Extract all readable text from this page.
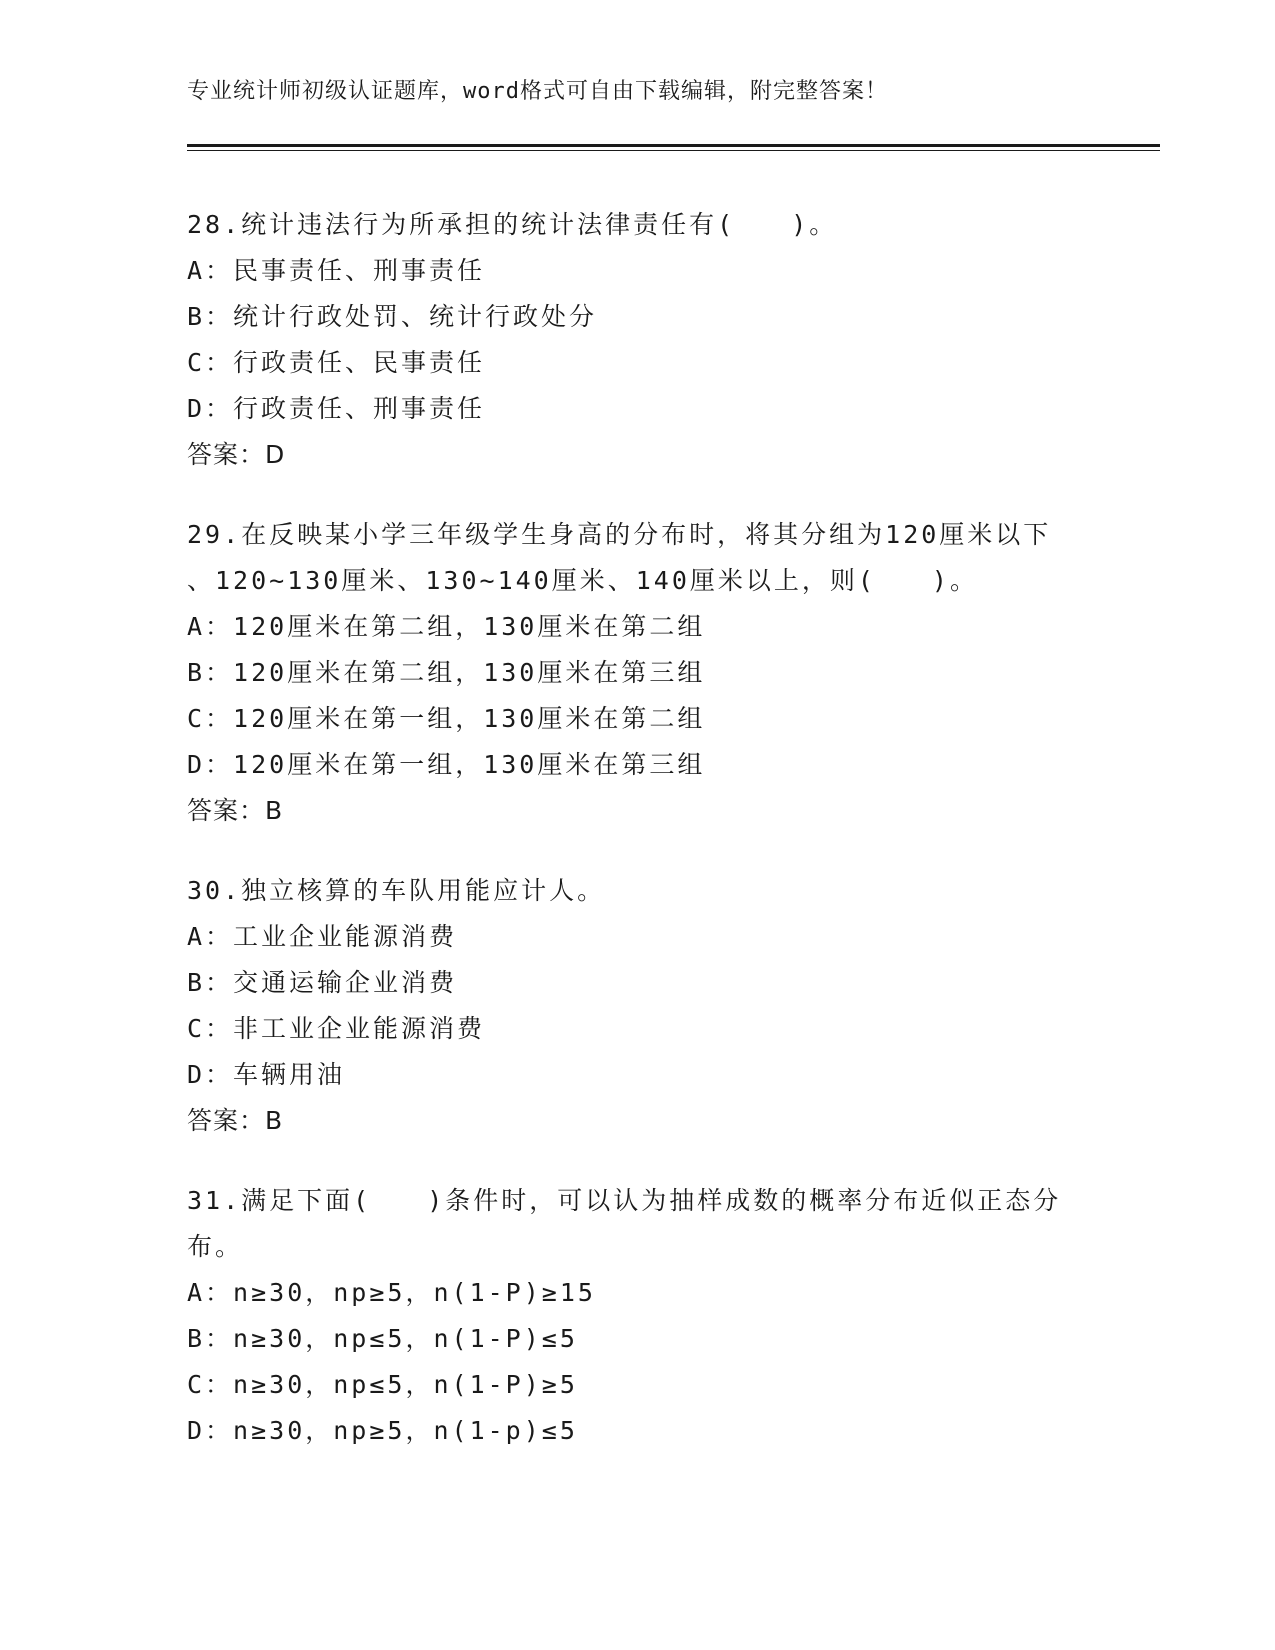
专业统计师初级认证题库，word格式可自由下载编辑，附完整答案！
28.统计违法行为所承担的统计法律责任有(　　)。
A：民事责任、刑事责任
B：统计行政处罚、统计行政处分
C：行政责任、民事责任
D：行政责任、刑事责任
答案：D
29.在反映某小学三年级学生身高的分布时，将其分组为120厘米以下
、120~130厘米、130~140厘米、140厘米以上，则(　　)。
A：120厘米在第二组，130厘米在第二组
B：120厘米在第二组，130厘米在第三组
C：120厘米在第一组，130厘米在第二组
D：120厘米在第一组，130厘米在第三组
答案：B
30.独立核算的车队用能应计人。
A：工业企业能源消费
B：交通运输企业消费
C：非工业企业能源消费
D：车辆用油
答案：B
31.满足下面(　　)条件时，可以认为抽样成数的概率分布近似正态分
布。
A：n≥30，np≥5，n(1-P)≥15
B：n≥30，np≤5，n(1-P)≤5
C：n≥30，np≤5，n(1-P)≥5
D：n≥30，np≥5，n(1-p)≤5
